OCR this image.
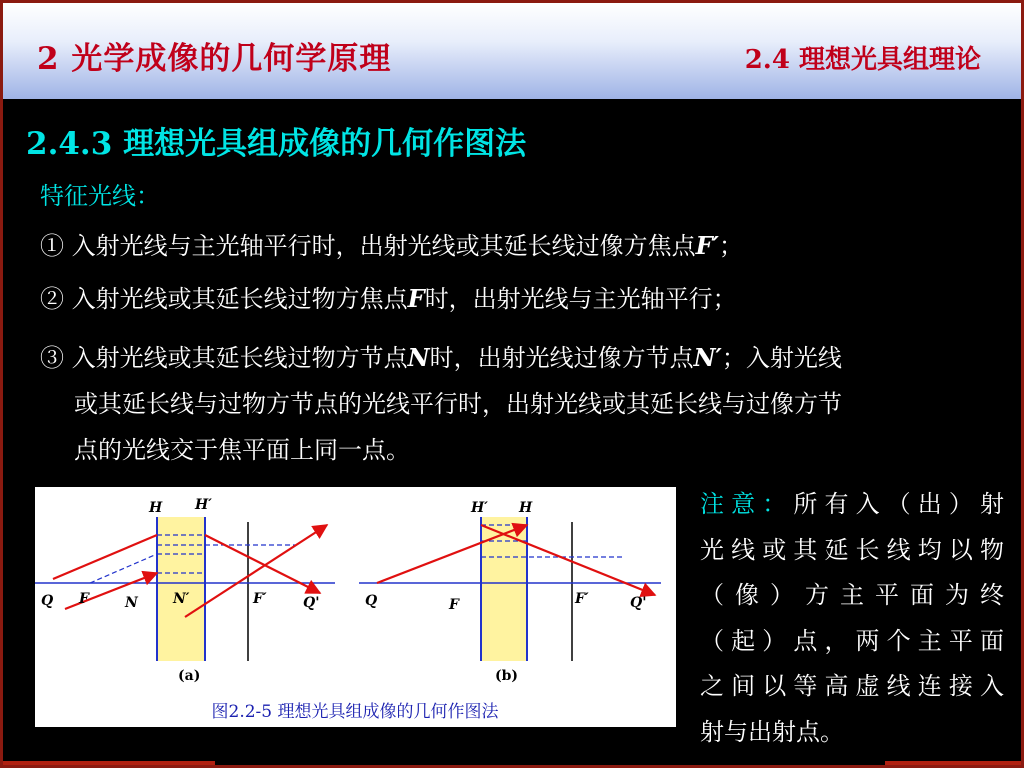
2 光学成像的几何学原理	2.4 理想光具组理论
2.4.3 理想光具组成像的几何作图法
特征光线：
① 入射光线与主光轴平行时，出射光线或其延长线过像方焦点F′；
② 入射光线或其延长线过物方焦点F时，出射光线与主光轴平行；
③ 入射光线或其延长线过物方节点N时，出射光线过像方节点N′；入射光线
或其延长线与过物方节点的光线平行时，出射光线或其延长线与过像方节
点的光线交于焦平面上同一点。
H H′
Q F	N	N′	F′	Q'
(a)
H′ H
Q	F	F′	Q'
(b)
图2.2-5 理想光具组成像的几何作图法
注意：所有入（出）射
光线或其延长线均以物
（像）方主平面为终
（起）点，两个主平面
之间以等高虚线连接入
射与出射点。
